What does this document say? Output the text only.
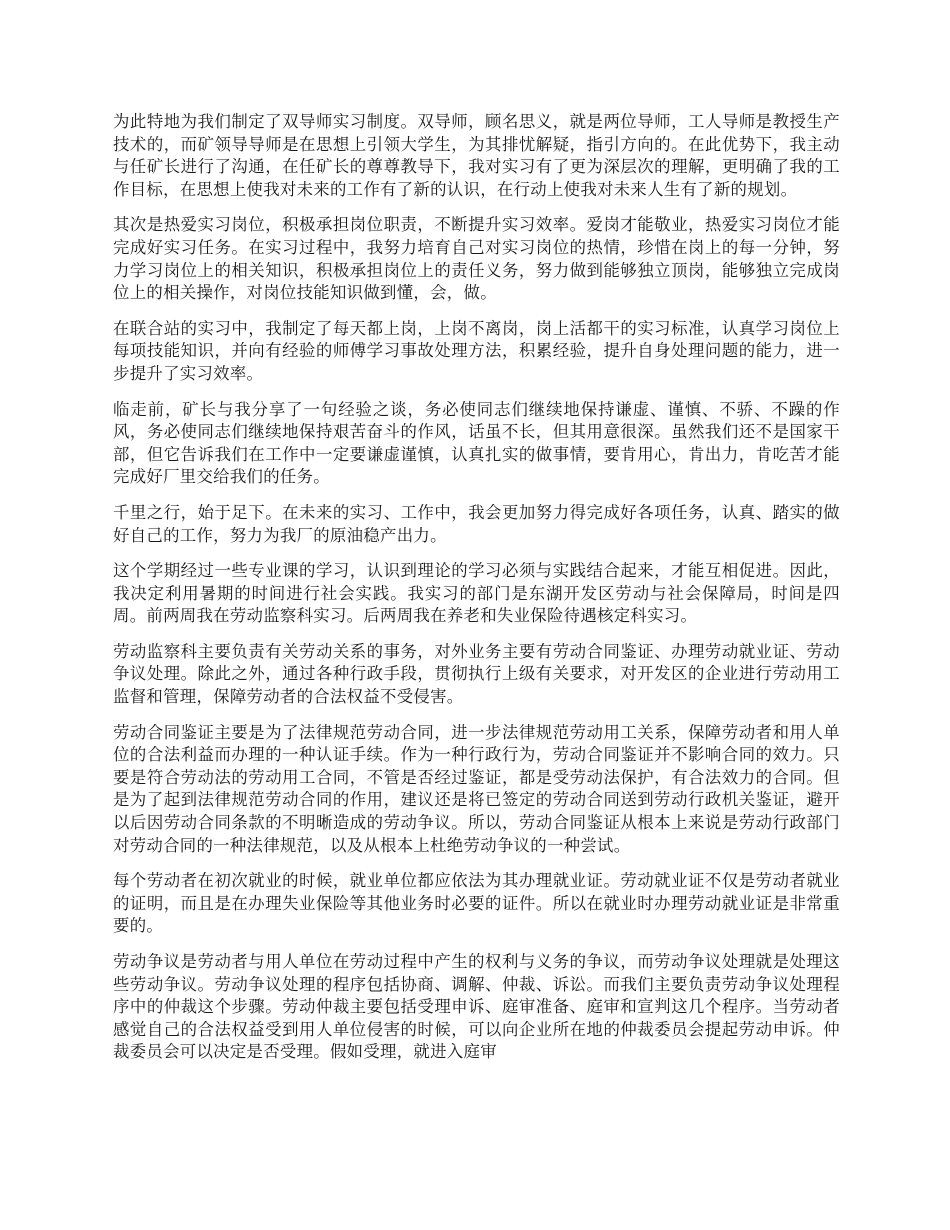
为此特地为我们制定了双导师实习制度。双导师，顾名思义，就是两位导师，工人导师是教授生产技术的，而矿领导导师是在思想上引领大学生，为其排忧解疑，指引方向的。在此优势下，我主动与任矿长进行了沟通，在任矿长的尊尊教导下，我对实习有了更为深层次的理解，更明确了我的工作目标，在思想上使我对未来的工作有了新的认识，在行动上使我对未来人生有了新的规划。

其次是热爱实习岗位，积极承担岗位职责，不断提升实习效率。爱岗才能敬业，热爱实习岗位才能完成好实习任务。在实习过程中，我努力培育自己对实习岗位的热情，珍惜在岗上的每一分钟，努力学习岗位上的相关知识，积极承担岗位上的责任义务，努力做到能够独立顶岗，能够独立完成岗位上的相关操作，对岗位技能知识做到懂，会，做。

在联合站的实习中，我制定了每天都上岗，上岗不离岗，岗上活都干的实习标准，认真学习岗位上每项技能知识，并向有经验的师傅学习事故处理方法，积累经验，提升自身处理问题的能力，进一步提升了实习效率。

临走前，矿长与我分享了一句经验之谈，务必使同志们继续地保持谦虚、谨慎、不骄、不躁的作风，务必使同志们继续地保持艰苦奋斗的作风，话虽不长，但其用意很深。虽然我们还不是国家干部，但它告诉我们在工作中一定要谦虚谨慎，认真扎实的做事情，要肯用心，肯出力，肯吃苦才能完成好厂里交给我们的任务。

千里之行，始于足下。在未来的实习、工作中，我会更加努力得完成好各项任务，认真、踏实的做好自己的工作，努力为我厂的原油稳产出力。

这个学期经过一些专业课的学习，认识到理论的学习必须与实践结合起来，才能互相促进。因此，我决定利用暑期的时间进行社会实践。我实习的部门是东湖开发区劳动与社会保障局，时间是四周。前两周我在劳动监察科实习。后两周我在养老和失业保险待遇核定科实习。

劳动监察科主要负责有关劳动关系的事务，对外业务主要有劳动合同鉴证、办理劳动就业证、劳动争议处理。除此之外，通过各种行政手段，贯彻执行上级有关要求，对开发区的企业进行劳动用工监督和管理，保障劳动者的合法权益不受侵害。

劳动合同鉴证主要是为了法律规范劳动合同，进一步法律规范劳动用工关系，保障劳动者和用人单位的合法利益而办理的一种认证手续。作为一种行政行为，劳动合同鉴证并不影响合同的效力。只要是符合劳动法的劳动用工合同，不管是否经过鉴证，都是受劳动法保护，有合法效力的合同。但是为了起到法律规范劳动合同的作用，建议还是将已签定的劳动合同送到劳动行政机关鉴证，避开以后因劳动合同条款的不明晰造成的劳动争议。所以，劳动合同鉴证从根本上来说是劳动行政部门对劳动合同的一种法律规范，以及从根本上杜绝劳动争议的一种尝试。

每个劳动者在初次就业的时候，就业单位都应依法为其办理就业证。劳动就业证不仅是劳动者就业的证明，而且是在办理失业保险等其他业务时必要的证件。所以在就业时办理劳动就业证是非常重要的。

劳动争议是劳动者与用人单位在劳动过程中产生的权利与义务的争议，而劳动争议处理就是处理这些劳动争议。劳动争议处理的程序包括协商、调解、仲裁、诉讼。而我们主要负责劳动争议处理程序中的仲裁这个步骤。劳动仲裁主要包括受理申诉、庭审准备、庭审和宣判这几个程序。当劳动者感觉自己的合法权益受到用人单位侵害的时候，可以向企业所在地的仲裁委员会提起劳动申诉。仲裁委员会可以决定是否受理。假如受理，就进入庭审
